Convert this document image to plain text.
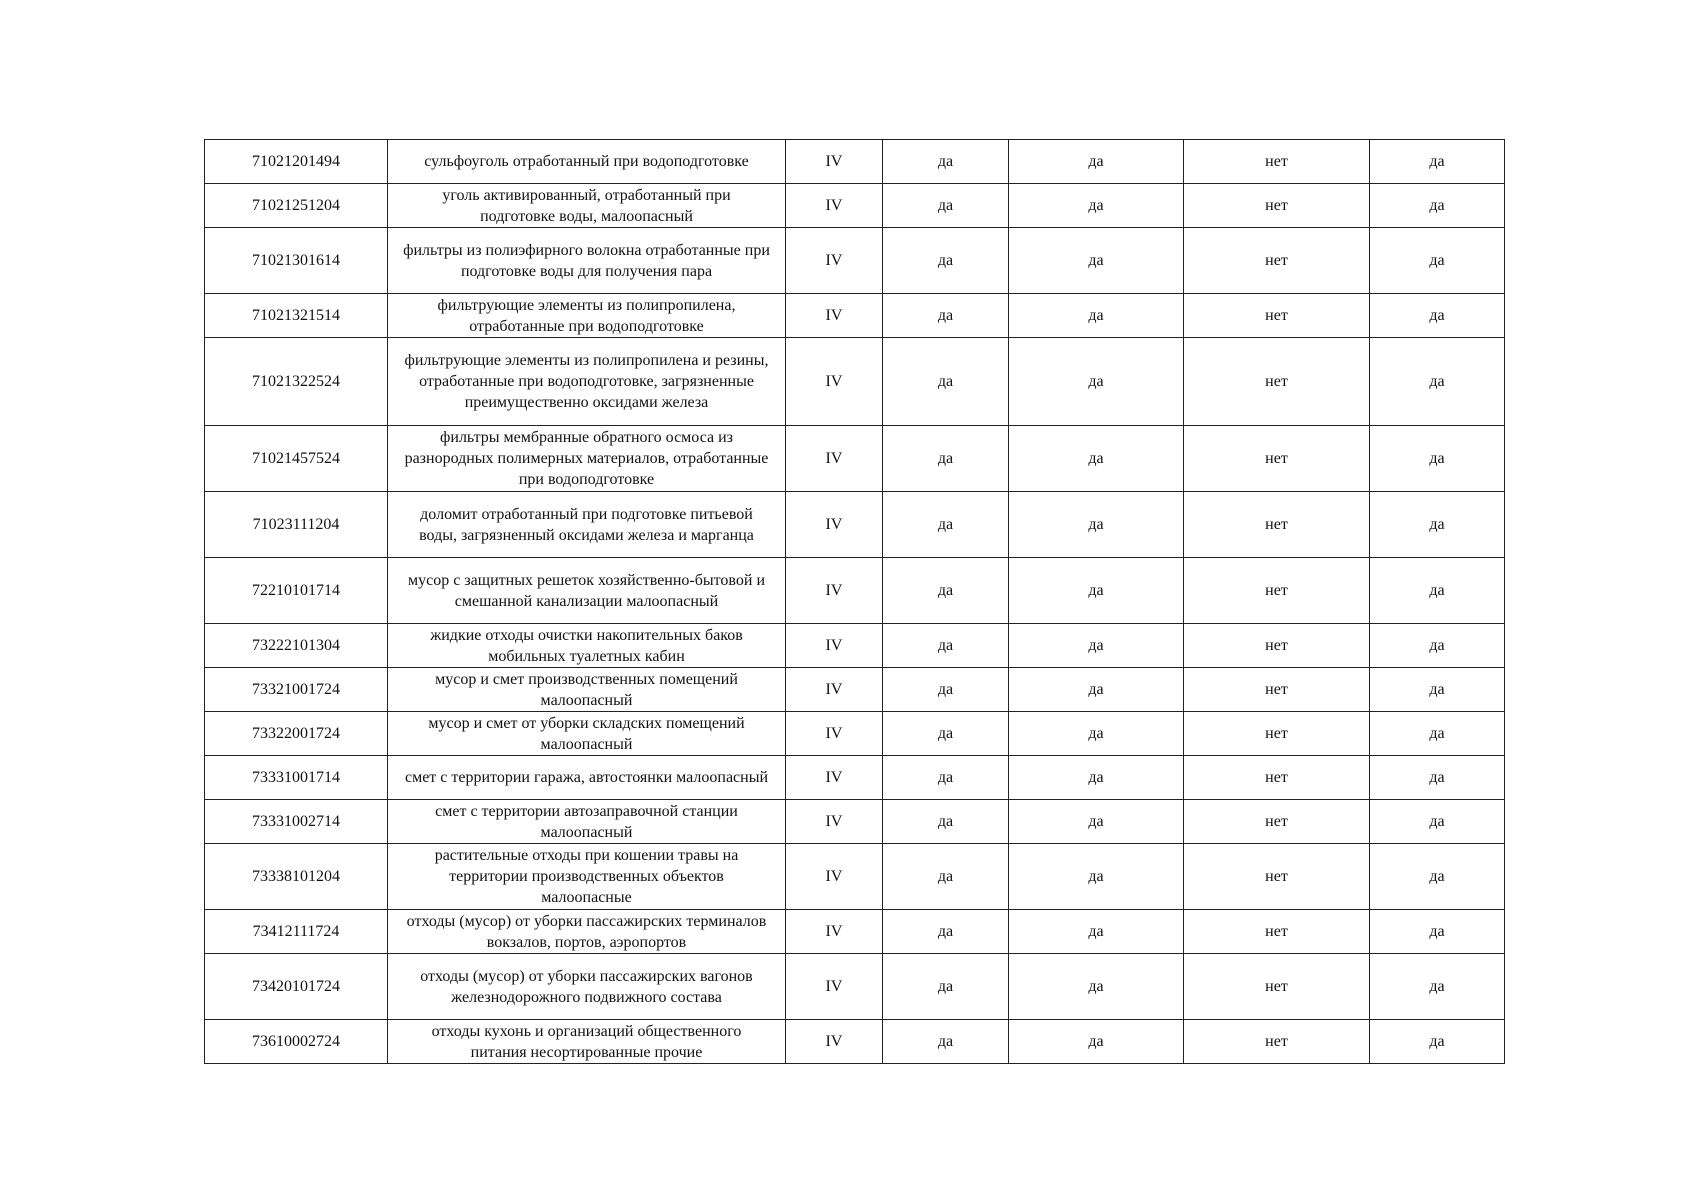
71021201494	сульфоуголь отработанный при водоподготовке	IV	да	да	нет	да
71021251204	уголь активированный, отработанный при
подготовке воды, малоопасный	IV	да	да	нет	да
71021301614	фильтры из полиэфирного волокна отработанные при
подготовке воды для получения пара	IV	да	да	нет	да
71021321514	фильтрующие элементы из полипропилена,
отработанные при водоподготовке	IV	да	да	нет	да
71021322524	фильтрующие элементы из полипропилена и резины,
отработанные при водоподготовке, загрязненные
преимущественно оксидами железа	IV	да	да	нет	да
71021457524	фильтры мембранные обратного осмоса из
разнородных полимерных материалов, отработанные
при водоподготовке	IV	да	да	нет	да
71023111204	доломит отработанный при подготовке питьевой
воды, загрязненный оксидами железа и марганца	IV	да	да	нет	да
72210101714	мусор с защитных решеток хозяйственно-бытовой и
смешанной канализации малоопасный	IV	да	да	нет	да
73222101304	жидкие отходы очистки накопительных баков
мобильных туалетных кабин	IV	да	да	нет	да
73321001724	мусор и смет производственных помещений
малоопасный	IV	да	да	нет	да
73322001724	мусор и смет от уборки складских помещений
малоопасный	IV	да	да	нет	да
73331001714	смет с территории гаража, автостоянки малоопасный	IV	да	да	нет	да
73331002714	смет с территории автозаправочной станции
малоопасный	IV	да	да	нет	да
73338101204	растительные отходы при кошении травы на
территории производственных объектов
малоопасные	IV	да	да	нет	да
73412111724	отходы (мусор) от уборки пассажирских терминалов
вокзалов, портов, аэропортов	IV	да	да	нет	да
73420101724	отходы (мусор) от уборки пассажирских вагонов
железнодорожного подвижного состава	IV	да	да	нет	да
73610002724	отходы кухонь и организаций общественного
питания несортированные прочие	IV	да	да	нет	да
